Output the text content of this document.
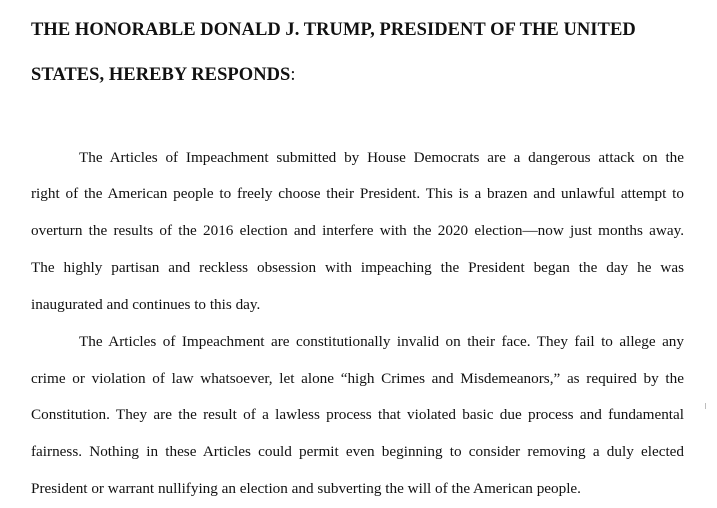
THE HONORABLE DONALD J. TRUMP, PRESIDENT OF THE UNITED
STATES, HEREBY RESPONDS:
The Articles of Impeachment submitted by House Democrats are a dangerous attack on the
right of the American people to freely choose their President. This is a brazen and unlawful attempt to
overturn the results of the 2016 election and interfere with the 2020 election—now just months away.
The highly partisan and reckless obsession with impeaching the President began the day he was
inaugurated and continues to this day.
The Articles of Impeachment are constitutionally invalid on their face. They fail to allege any
crime or violation of law whatsoever, let alone “high Crimes and Misdemeanors,” as required by the
Constitution. They are the result of a lawless process that violated basic due process and fundamental
fairness. Nothing in these Articles could permit even beginning to consider removing a duly elected
President or warrant nullifying an election and subverting the will of the American people.
